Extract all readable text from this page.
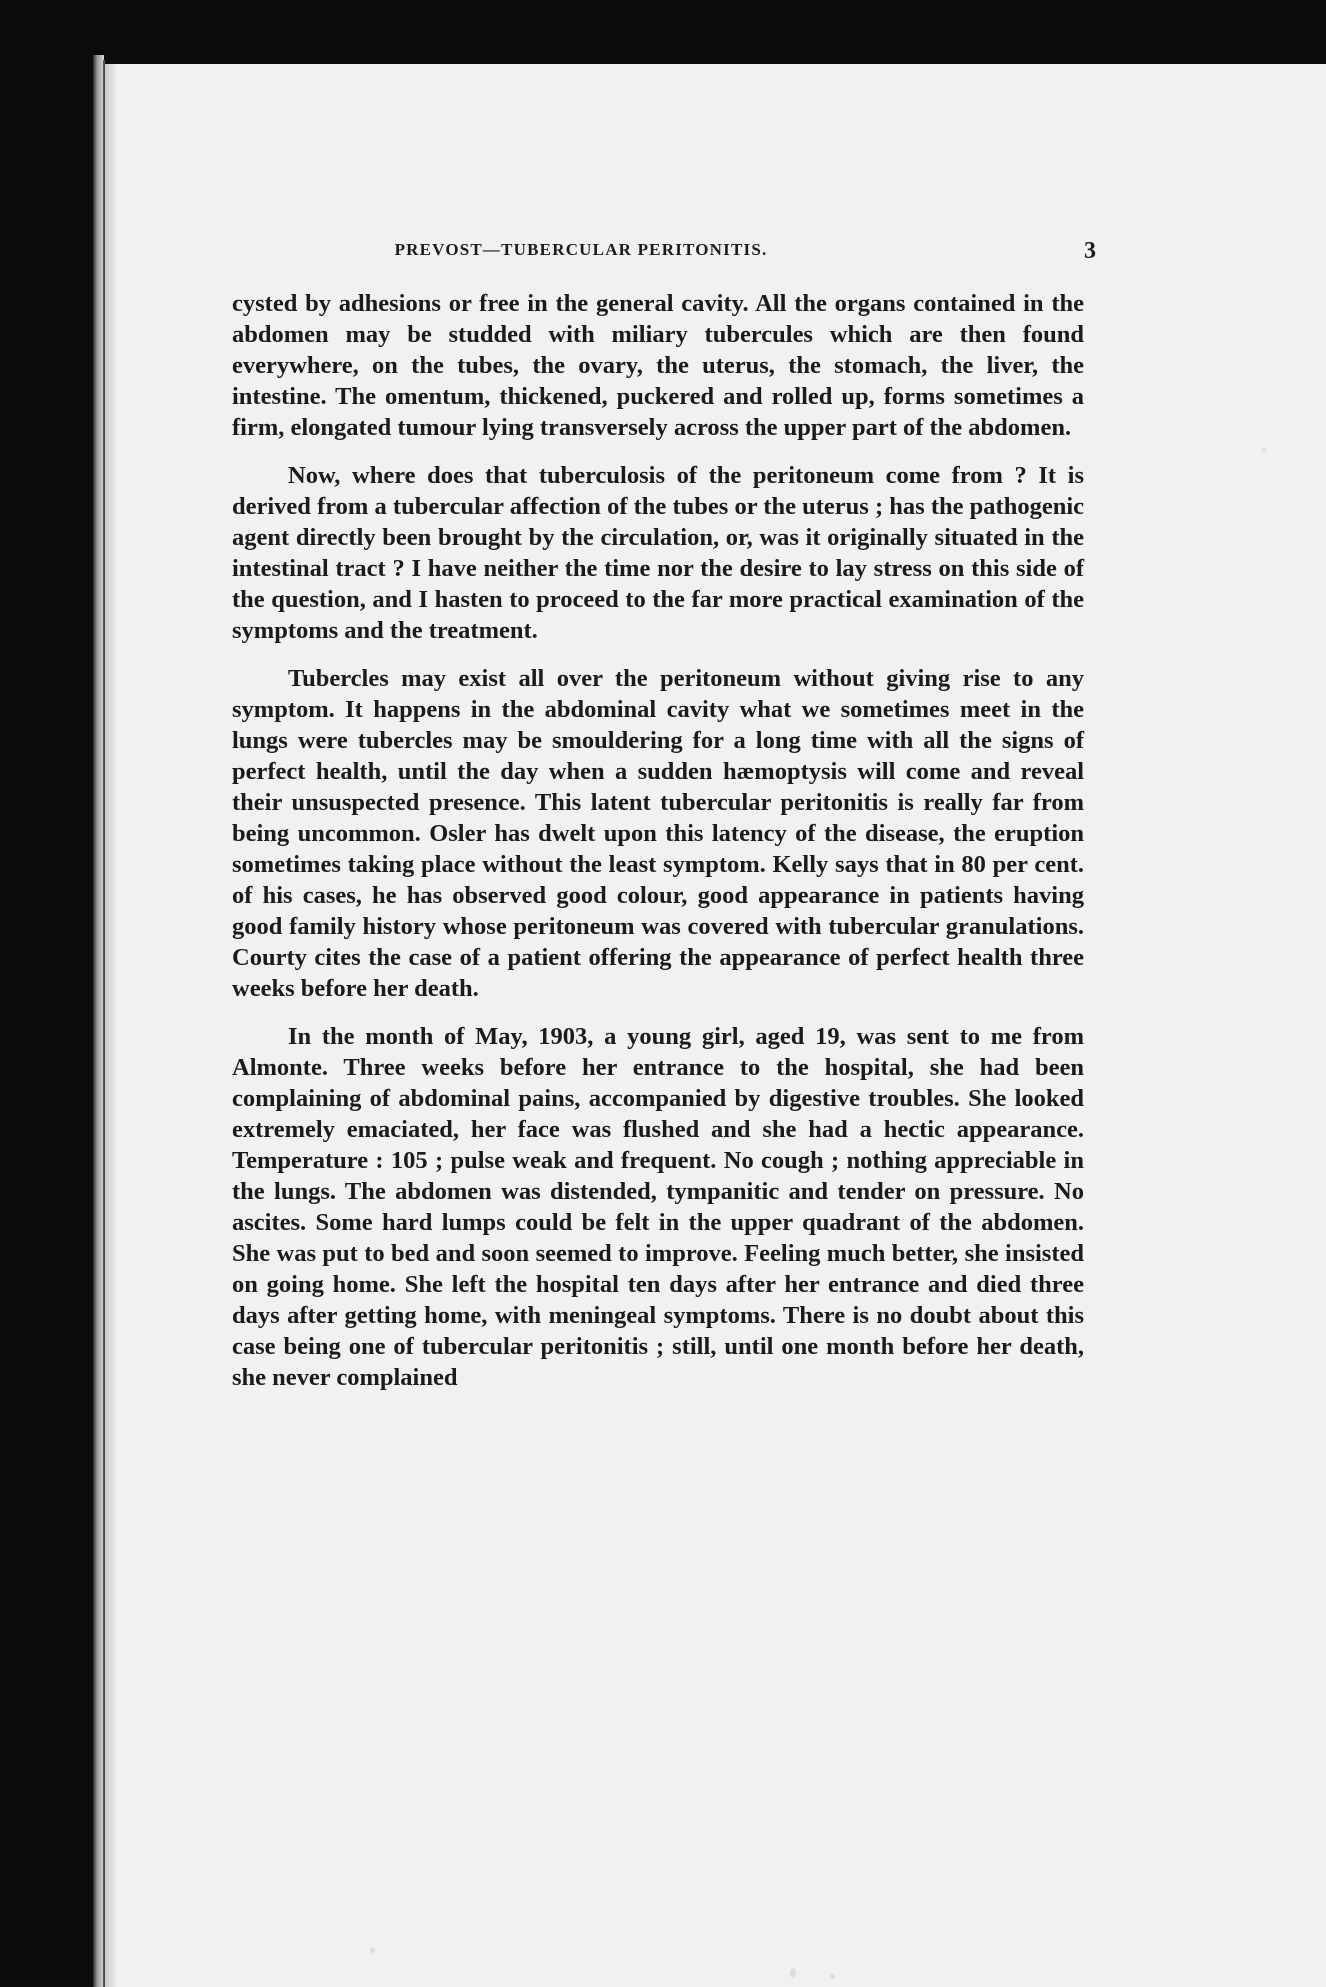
PREVOST—TUBERCULAR PERITONITIS.	3

cysted by adhesions or free in the general cavity. All the organs contained in the abdomen may be studded with miliary tubercules which are then found everywhere, on the tubes, the ovary, the uterus, the stomach, the liver, the intestine. The omentum, thickened, puckered and rolled up, forms sometimes a firm, elongated tumour lying transversely across the upper part of the abdomen.

Now, where does that tuberculosis of the peritoneum come from ? It is derived from a tubercular affection of the tubes or the uterus ; has the pathogenic agent directly been brought by the circulation, or, was it originally situated in the intestinal tract ? I have neither the time nor the desire to lay stress on this side of the question, and I hasten to proceed to the far more practical examination of the symptoms and the treatment.

Tubercles may exist all over the peritoneum without giving rise to any symptom. It happens in the abdominal cavity what we sometimes meet in the lungs were tubercles may be smouldering for a long time with all the signs of perfect health, until the day when a sudden hæmoptysis will come and reveal their unsuspected presence. This latent tubercular peritonitis is really far from being uncommon. Osler has dwelt upon this latency of the disease, the eruption sometimes taking place without the least symptom. Kelly says that in 80 per cent. of his cases, he has observed good colour, good appearance in patients having good family history whose peritoneum was covered with tubercular granulations. Courty cites the case of a patient offering the appearance of perfect health three weeks before her death.

In the month of May, 1903, a young girl, aged 19, was sent to me from Almonte. Three weeks before her entrance to the hospital, she had been complaining of abdominal pains, accompanied by digestive troubles. She looked extremely emaciated, her face was flushed and she had a hectic appearance. Temperature : 105 ; pulse weak and frequent. No cough ; nothing appreciable in the lungs. The abdomen was distended, tympanitic and tender on pressure. No ascites. Some hard lumps could be felt in the upper quadrant of the abdomen. She was put to bed and soon seemed to improve. Feeling much better, she insisted on going home. She left the hospital ten days after her entrance and died three days after getting home, with meningeal symptoms. There is no doubt about this case being one of tubercular peritonitis ; still, until one month before her death, she never complained
